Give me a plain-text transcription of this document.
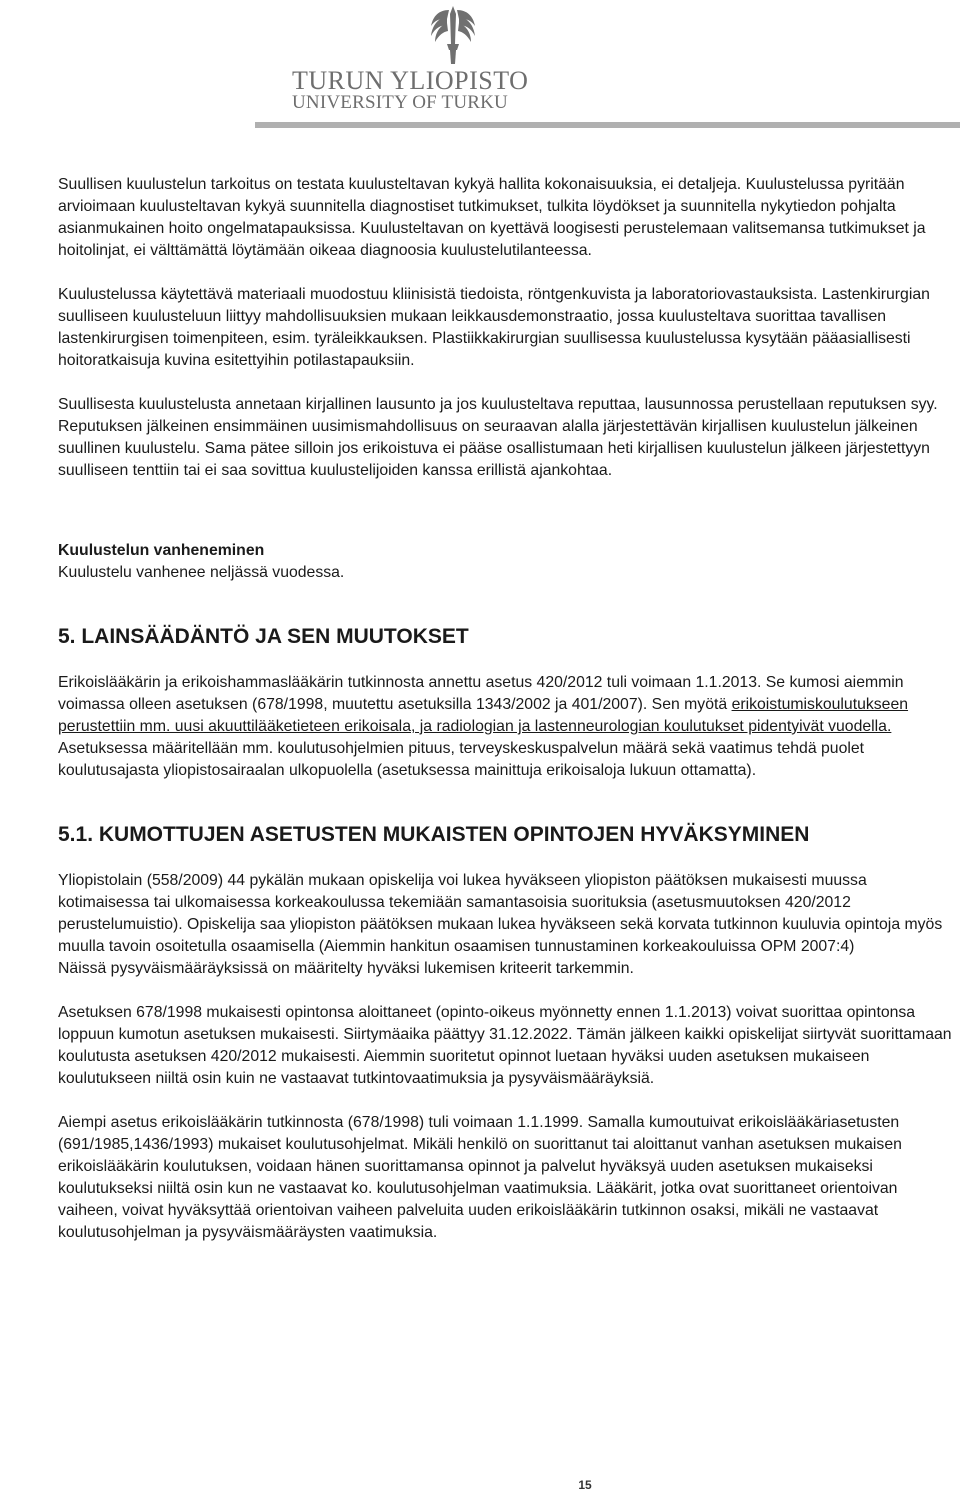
TURUN YLIOPISTO
UNIVERSITY OF TURKU

Suullisen kuulustelun tarkoitus on testata kuulusteltavan kykyä hallita kokonaisuuksia, ei detaljeja. Kuulustelussa pyritään arvioimaan kuulusteltavan kykyä suunnitella diagnostiset tutkimukset, tulkita löydökset ja suunnitella nykytiedon pohjalta asianmukainen hoito ongelmatapauksissa. Kuulusteltavan on kyettävä loogisesti perustelemaan valitsemansa tutkimukset ja hoitolinjat, ei välttämättä löytämään oikeaa diagnoosia kuulustelutilanteessa.

Kuulustelussa käytettävä materiaali muodostuu kliinisistä tiedoista, röntgenkuvista ja laboratoriovastauksista. Lastenkirurgian suulliseen kuulusteluun liittyy mahdollisuuksien mukaan leikkausdemonstraatio, jossa kuulusteltava suorittaa tavallisen lastenkirurgisen toimenpiteen, esim. tyräleikkauksen. Plastiikkakirurgian suullisessa kuulustelussa kysytään pääasiallisesti hoitoratkaisuja kuvina esitettyihin potilastapauksiin.

Suullisesta kuulustelusta annetaan kirjallinen lausunto ja jos kuulusteltava reputtaa, lausunnossa perustellaan reputuksen syy. Reputuksen jälkeinen ensimmäinen uusimismahdollisuus on seuraavan alalla järjestettävän kirjallisen kuulustelun jälkeinen suullinen kuulustelu. Sama pätee silloin jos erikoistuva ei pääse osallistumaan heti kirjallisen kuulustelun jälkeen järjestettyyn suulliseen tenttiin tai ei saa sovittua kuulustelijoiden kanssa erillistä ajankohtaa.

Kuulustelun vanheneminen

Kuulustelu vanhenee neljässä vuodessa.

5. LAINSÄÄDÄNTÖ JA SEN MUUTOKSET

Erikoislääkärin ja erikoishammaslääkärin tutkinnosta annettu asetus 420/2012 tuli voimaan 1.1.2013. Se kumosi aiemmin voimassa olleen asetuksen (678/1998, muutettu asetuksilla 1343/2002 ja 401/2007). Sen myötä erikoistumiskoulutukseen perustettiin mm. uusi akuuttilääketieteen erikoisala, ja radiologian ja lastenneurologian koulutukset pidentyivät vuodella. Asetuksessa määritellään mm. koulutusohjelmien pituus, terveyskeskuspalvelun määrä sekä vaatimus tehdä puolet koulutusajasta yliopistosairaalan ulkopuolella (asetuksessa mainittuja erikoisaloja lukuun ottamatta).

5.1. KUMOTTUJEN ASETUSTEN MUKAISTEN OPINTOJEN HYVÄKSYMINEN

Yliopistolain (558/2009) 44 pykälän mukaan opiskelija voi lukea hyväkseen yliopiston päätöksen mukaisesti muussa kotimaisessa tai ulkomaisessa korkeakoulussa tekemiään samantasoisia suorituksia (asetusmuutoksen 420/2012 perustelumuistio). Opiskelija saa yliopiston päätöksen mukaan lukea hyväkseen sekä korvata tutkinnon kuuluvia opintoja myös muulla tavoin osoitetulla osaamisella (Aiemmin hankitun osaamisen tunnustaminen korkeakouluissa OPM 2007:4)

Näissä pysyväismääräyksissä on määritelty hyväksi lukemisen kriteerit tarkemmin.

Asetuksen 678/1998 mukaisesti opintonsa aloittaneet (opinto-oikeus myönnetty ennen 1.1.2013) voivat suorittaa opintonsa loppuun kumotun asetuksen mukaisesti. Siirtymäaika päättyy 31.12.2022. Tämän jälkeen kaikki opiskelijat siirtyvät suorittamaan koulutusta asetuksen 420/2012 mukaisesti. Aiemmin suoritetut opinnot luetaan hyväksi uuden asetuksen mukaiseen koulutukseen niiltä osin kuin ne vastaavat tutkintovaatimuksia ja pysyväismääräyksiä.

Aiempi asetus erikoislääkärin tutkinnosta (678/1998) tuli voimaan 1.1.1999. Samalla kumoutuivat erikoislääkäriasetusten (691/1985,1436/1993) mukaiset koulutusohjelmat. Mikäli henkilö on suorittanut tai aloittanut vanhan asetuksen mukaisen erikoislääkärin koulutuksen, voidaan hänen suorittamansa opinnot ja palvelut hyväksyä uuden asetuksen mukaiseksi koulutukseksi niiltä osin kun ne vastaavat ko. koulutusohjelman vaatimuksia. Lääkärit, jotka ovat suorittaneet orientoivan vaiheen, voivat hyväksyttää orientoivan vaiheen palveluita uuden erikoislääkärin tutkinnon osaksi, mikäli ne vastaavat koulutusohjelman ja pysyväismääräysten vaatimuksia.

15
